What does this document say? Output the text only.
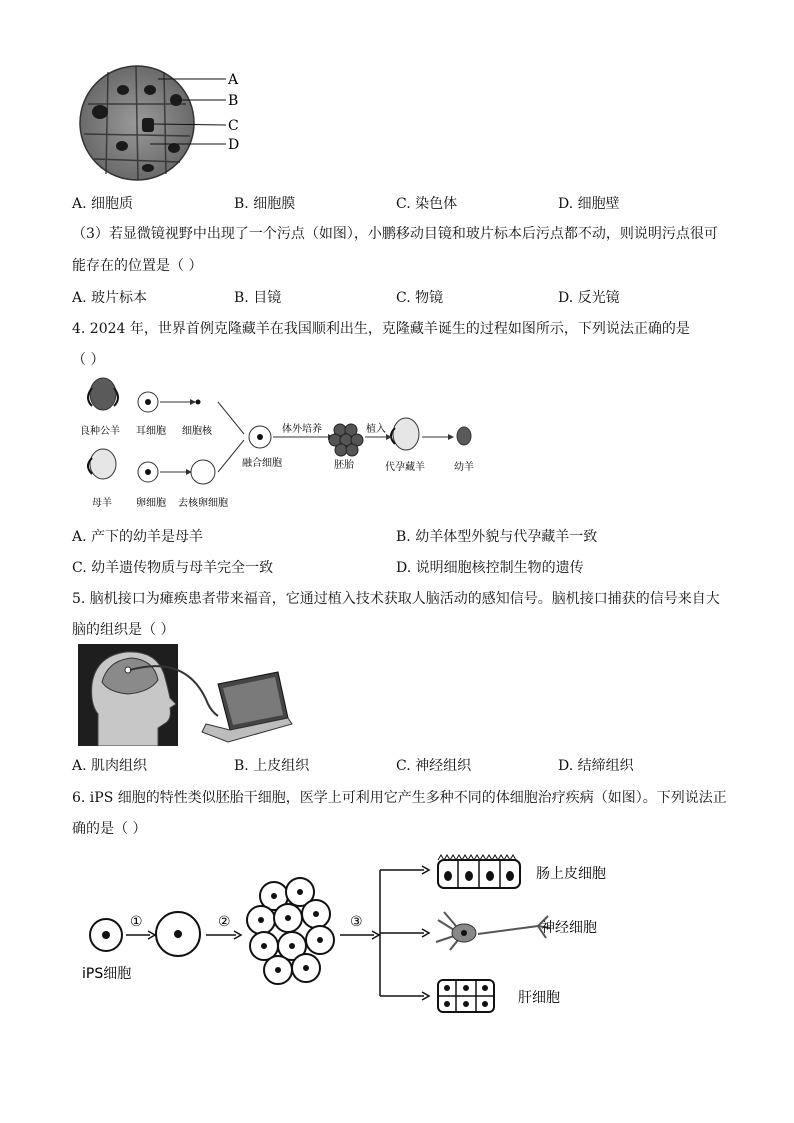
A
B
C
D
A. 细胞质	B. 细胞膜	C. 染色体	D. 细胞壁
（3）若显微镜视野中出现了一个污点（如图），小鹏移动目镜和玻片标本后污点都不动，则说明污点很可
能存在的位置是（ ）
A. 玻片标本	B. 目镜	C. 物镜	D. 反光镜
4. 2024 年，世界首例克隆藏羊在我国顺利出生，克隆藏羊诞生的过程如图所示，下列说法正确的是
（ ）
良种公羊 耳细胞 细胞核
母羊 卵细胞 去核卵细胞
融合细胞
体外培养
胚胎
植入
代孕藏羊	幼羊
A. 产下的幼羊是母羊	B. 幼羊体型外貌与代孕藏羊一致
C. 幼羊遗传物质与母羊完全一致	D. 说明细胞核控制生物的遗传
5. 脑机接口为瘫痪患者带来福音，它通过植入技术获取人脑活动的感知信号。脑机接口捕获的信号来自大
脑的组织是（ ）
A. 肌肉组织	B. 上皮组织	C. 神经组织	D. 结缔组织
6. iPS 细胞的特性类似胚胎干细胞，医学上可利用它产生多种不同的体细胞治疗疾病（如图）。下列说法正
确的是（ ）
①	②	③
iPS细胞
肠上皮细胞
神经细胞
肝细胞
